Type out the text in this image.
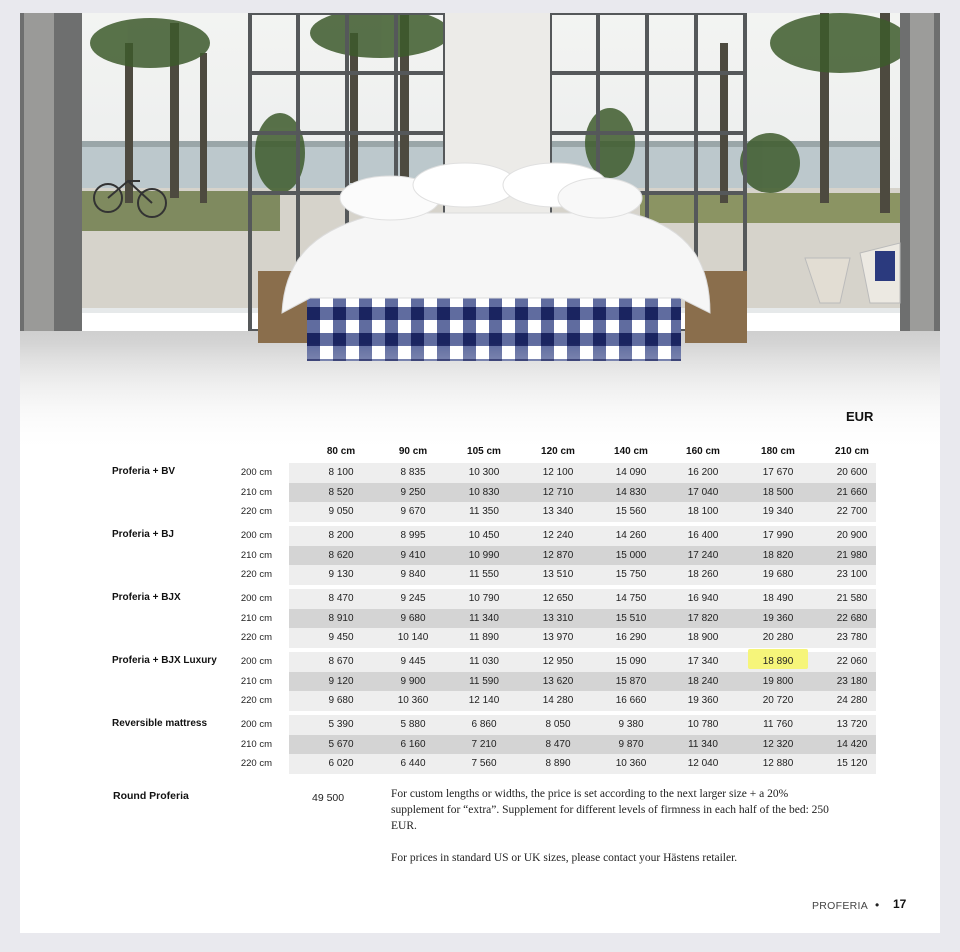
EUR
80 cm	90 cm	105 cm	120 cm	140 cm	160 cm	180 cm	210 cm
Proferia + BV	200 cm	8 100	8 835	10 300	12 100	14 090	16 200	17 670	20 600
210 cm	8 520	9 250	10 830	12 710	14 830	17 040	18 500	21 660
220 cm	9 050	9 670	11 350	13 340	15 560	18 100	19 340	22 700
Proferia + BJ	200 cm	8 200	8 995	10 450	12 240	14 260	16 400	17 990	20 900
210 cm	8 620	9 410	10 990	12 870	15 000	17 240	18 820	21 980
220 cm	9 130	9 840	11 550	13 510	15 750	18 260	19 680	23 100
Proferia + BJX	200 cm	8 470	9 245	10 790	12 650	14 750	16 940	18 490	21 580
210 cm	8 910	9 680	11 340	13 310	15 510	17 820	19 360	22 680
220 cm	9 450	10 140	11 890	13 970	16 290	18 900	20 280	23 780
Proferia + BJX Luxury	200 cm	8 670	9 445	11 030	12 950	15 090	17 340	18 890	22 060
210 cm	9 120	9 900	11 590	13 620	15 870	18 240	19 800	23 180
220 cm	9 680	10 360	12 140	14 280	16 660	19 360	20 720	24 280
Reversible mattress	200 cm	5 390	5 880	6 860	8 050	9 380	10 780	11 760	13 720
210 cm	5 670	6 160	7 210	8 470	9 870	11 340	12 320	14 420
220 cm	6 020	6 440	7 560	8 890	10 360	12 040	12 880	15 120
Round Proferia	49 500	For custom lengths or widths, the price is set according to the next larger size + a 20% supplement for “extra”. Supplement for different levels of firmness in each half of the bed: 250 EUR.

For prices in standard US or UK sizes, please contact your Hästens retailer.

PROFERIA • 17
